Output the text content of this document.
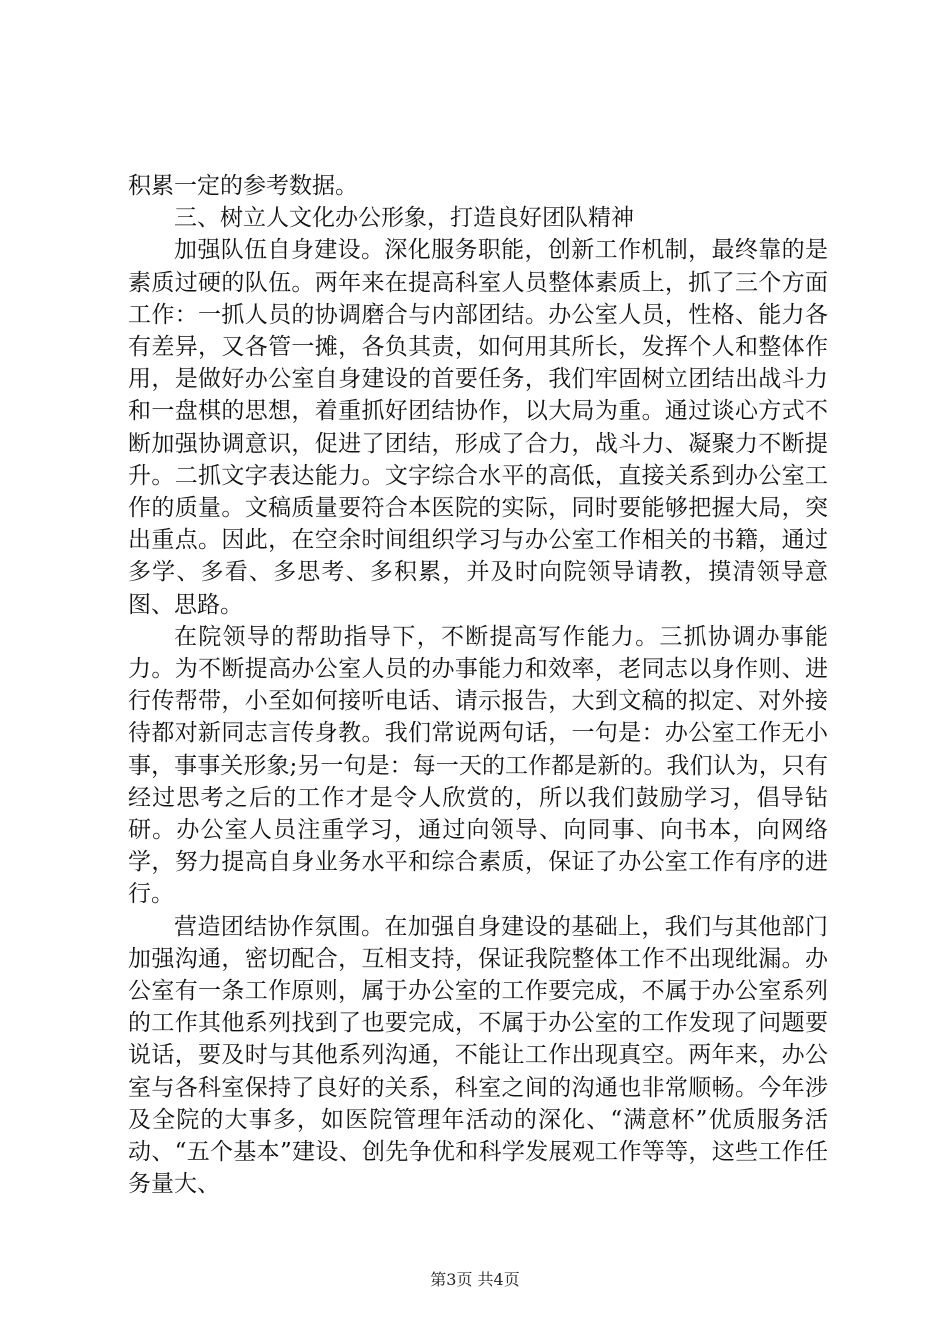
积累一定的参考数据。

三、树立人文化办公形象，打造良好团队精神

加强队伍自身建设。深化服务职能，创新工作机制，最终靠的是素质过硬的队伍。两年来在提高科室人员整体素质上，抓了三个方面工作：一抓人员的协调磨合与内部团结。办公室人员，性格、能力各有差异，又各管一摊，各负其责，如何用其所长，发挥个人和整体作用，是做好办公室自身建设的首要任务，我们牢固树立团结出战斗力和一盘棋的思想，着重抓好团结协作，以大局为重。通过谈心方式不断加强协调意识，促进了团结，形成了合力，战斗力、凝聚力不断提升。二抓文字表达能力。文字综合水平的高低，直接关系到办公室工作的质量。文稿质量要符合本医院的实际，同时要能够把握大局，突出重点。因此，在空余时间组织学习与办公室工作相关的书籍，通过多学、多看、多思考、多积累，并及时向院领导请教，摸清领导意图、思路。

在院领导的帮助指导下，不断提高写作能力。三抓协调办事能力。为不断提高办公室人员的办事能力和效率，老同志以身作则、进行传帮带，小至如何接听电话、请示报告，大到文稿的拟定、对外接待都对新同志言传身教。我们常说两句话，一句是：办公室工作无小事，事事关形象;另一句是：每一天的工作都是新的。我们认为，只有经过思考之后的工作才是令人欣赏的，所以我们鼓励学习，倡导钻研。办公室人员注重学习，通过向领导、向同事、向书本，向网络学，努力提高自身业务水平和综合素质，保证了办公室工作有序的进行。

营造团结协作氛围。在加强自身建设的基础上，我们与其他部门加强沟通，密切配合，互相支持，保证我院整体工作不出现纰漏。办公室有一条工作原则，属于办公室的工作要完成，不属于办公室系列的工作其他系列找到了也要完成，不属于办公室的工作发现了问题要说话，要及时与其他系列沟通，不能让工作出现真空。两年来，办公室与各科室保持了良好的关系，科室之间的沟通也非常顺畅。今年涉及全院的大事多，如医院管理年活动的深化、“满意杯”优质服务活动、“五个基本”建设、创先争优和科学发展观工作等等，这些工作任务量大、

第3页 共4页
